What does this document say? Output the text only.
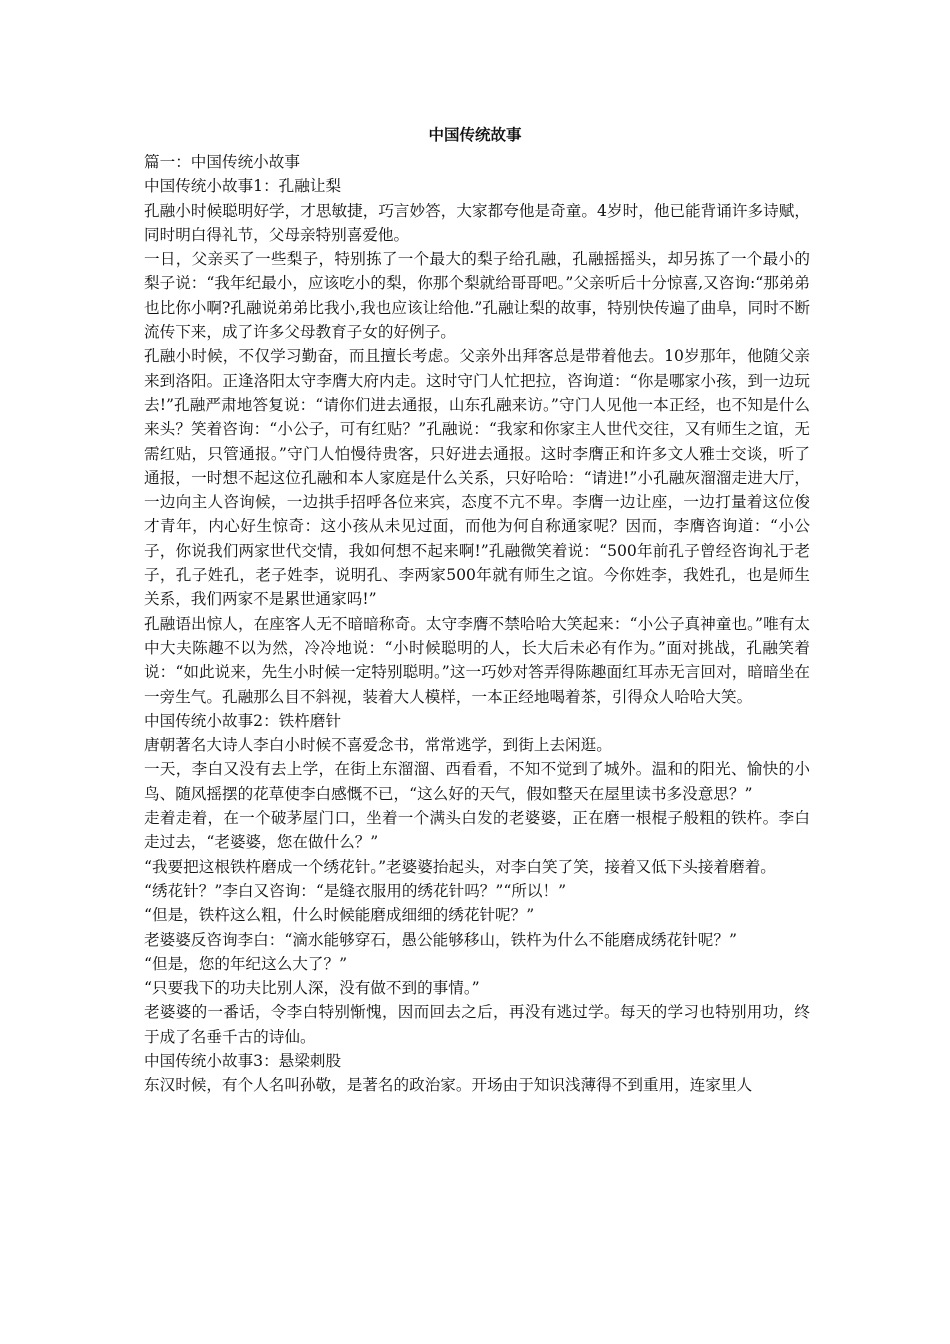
中国传统故事

篇一：中国传统小故事

中国传统小故事1：孔融让梨

孔融小时候聪明好学，才思敏捷，巧言妙答，大家都夸他是奇童。4岁时，他已能背诵许多诗赋，同时明白得礼节，父母亲特别喜爱他。

一日，父亲买了一些梨子，特别拣了一个最大的梨子给孔融，孔融摇摇头，却另拣了一个最小的梨子说：“我年纪最小，应该吃小的梨，你那个梨就给哥哥吧。”父亲听后十分惊喜,又咨询:“那弟弟也比你小啊?孔融说弟弟比我小,我也应该让给他.”孔融让梨的故事，特别快传遍了曲阜，同时不断流传下来，成了许多父母教育子女的好例子。

孔融小时候，不仅学习勤奋，而且擅长考虑。父亲外出拜客总是带着他去。10岁那年，他随父亲来到洛阳。正逢洛阳太守李膺大府内走。这时守门人忙把拉，咨询道：“你是哪家小孩，到一边玩去!”孔融严肃地答复说：“请你们进去通报，山东孔融来访。”守门人见他一本正经，也不知是什么来头？笑着咨询：“小公子，可有红贴？”孔融说：“我家和你家主人世代交往，又有师生之谊，无需红贴，只管通报。”守门人怕慢待贵客，只好进去通报。这时李膺正和许多文人雅士交谈，听了通报，一时想不起这位孔融和本人家庭是什么关系，只好哈哈：“请进!”小孔融灰溜溜走进大厅，一边向主人咨询候，一边拱手招呼各位来宾，态度不亢不卑。李膺一边让座，一边打量着这位俊才青年，内心好生惊奇：这小孩从未见过面，而他为何自称通家呢？因而，李膺咨询道：“小公子，你说我们两家世代交情，我如何想不起来啊!”孔融微笑着说：“500年前孔子曾经咨询礼于老子，孔子姓孔，老子姓李，说明孔、李两家500年就有师生之谊。今你姓李，我姓孔，也是师生关系，我们两家不是累世通家吗!”

孔融语出惊人，在座客人无不暗暗称奇。太守李膺不禁哈哈大笑起来：“小公子真神童也。”唯有太中大夫陈趣不以为然，冷冷地说：“小时候聪明的人，长大后未必有作为。”面对挑战，孔融笑着说：“如此说来，先生小时候一定特别聪明。”这一巧妙对答弄得陈趣面红耳赤无言回对，暗暗坐在一旁生气。孔融那么目不斜视，装着大人模样，一本正经地喝着茶，引得众人哈哈大笑。

中国传统小故事2：铁杵磨针

唐朝著名大诗人李白小时候不喜爱念书，常常逃学，到街上去闲逛。

一天，李白又没有去上学，在街上东溜溜、西看看，不知不觉到了城外。温和的阳光、愉快的小鸟、随风摇摆的花草使李白感慨不已，“这么好的天气，假如整天在屋里读书多没意思？”

走着走着，在一个破茅屋门口，坐着一个满头白发的老婆婆，正在磨一根棍子般粗的铁杵。李白走过去，“老婆婆，您在做什么？”

“我要把这根铁杵磨成一个绣花针。”老婆婆抬起头，对李白笑了笑，接着又低下头接着磨着。

“绣花针？”李白又咨询：“是缝衣服用的绣花针吗？”“所以！”

“但是，铁杵这么粗，什么时候能磨成细细的绣花针呢？”

老婆婆反咨询李白：“滴水能够穿石，愚公能够移山，铁杵为什么不能磨成绣花针呢？”

“但是，您的年纪这么大了？”

“只要我下的功夫比别人深，没有做不到的事情。”

老婆婆的一番话，令李白特别惭愧，因而回去之后，再没有逃过学。每天的学习也特别用功，终于成了名垂千古的诗仙。

中国传统小故事3：悬梁刺股

东汉时候，有个人名叫孙敬，是著名的政治家。开场由于知识浅薄得不到重用，连家里人
